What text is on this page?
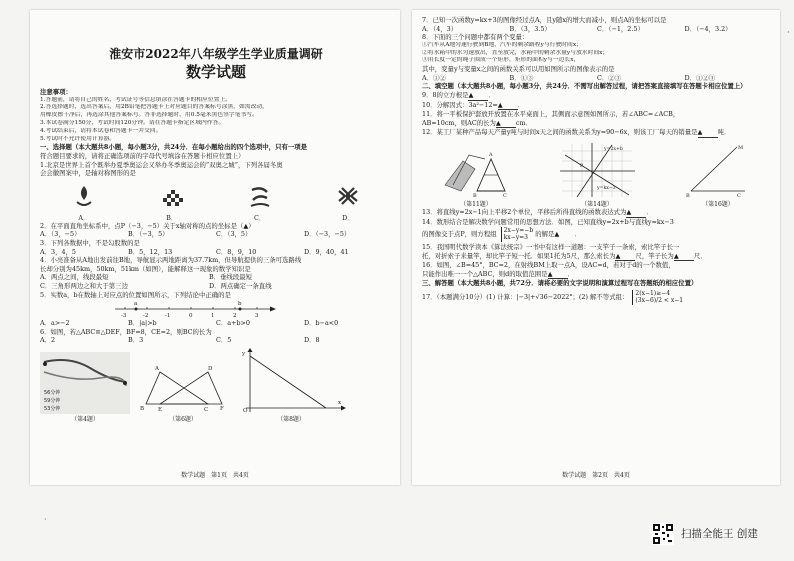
淮安市2022年八年级学生学业质量调研
数学试题
注意事项：
1.答题前，请将自己的姓名、考试证号等信息填涂在答题卡的相应位置上。
2.答选择题时，选出答案后，用2B铅笔把答题卡上对应题目的答案标号涂黑，如需改动，
用橡皮擦干净后，再选涂其他答案标号。答非选择题时，用0.5毫米黑色签字笔书写。
3.本试卷满分150分，考试时间120分钟。请在答题卡指定区域内作答。
4.考试结束后，请将本试卷和答题卡一并交回。
5.考试时不允许使用计算器。
一、选择题（本大题共8小题，每小题3分，共24分．在每小题给出的四个选项中，只有一项是
符合题目要求的，请将正确选项前的字母代号填涂在答题卡相应位置上）
1.北京是世界上首个既举办夏季奥运会又举办冬季奥运会的“双奥之城”，下列各届冬奥
会会徽图案中，是轴对称图形的是
A．	B．	C．	D．
2．在平面直角坐标系中，点P（−3，−5）关于x轴对称的点的坐标是（▲）
A．（3，−5）	B．（−3，5）	C．（3，5）	D．（−3，−5）
3．下列各数据中，不是勾股数的是
A．3，4，5	B．5，12，13	C．8，9，10	D．9，40，41
4．小亮准备从A地出发前往B地，导航显示两地距离为37.7km，但导航提供的三条可选路线
长却分别为45km，50km，51km（如图），能解释这一现象的数学知识是
A．两点之间，线段最短	B．垂线段最短
C．三角形两边之和大于第三边	D．两点确定一条直线
5．实数a，b在数轴上对应点的位置如图所示，下列结论中正确的是
a	b
-3	-2	-1	0	1	2	3
A．a>−2	B．|a|>b	C．a+b>0	D．b−a<0
6．如图，若△ABC≌△DEF，BF=8，CE=2，则BC的长为
A．2	B．3	C．5	D．8
56分钟
59分钟
53分钟
（第4题）
B	E	C F
A	D
（第6题）
y
x
O
（第8题）
数学试题　第1页　共4页
7．已知一次函数y=kx+3的图像经过点A，且y随x的增大而减小，则点A的坐标可以是
A．（4，3）	B．（3，3.5）	C．（−1，2.5）	D．（−4，3.2）
8．下面的三个问题中都有两个变量：
①汽车从A地匀速行驶到B地，汽车的剩余路程y与行驶时间x；
②将水箱中的水匀速放出，直至放完，水箱中的剩余水量y与放水时间x；
③用长度一定的绳子围成一个矩形，矩形的面积y与一边长x，
其中，变量y与变量x之间的函数关系可以用如图所示的图像表示的是
A．①②	B．①③	C．②③	D．①②③
二、填空题（本大题共8小题，每小题3分，共24分．不需写出解答过程，请把答案直接填写在答题卡相应位置上）
9．8的立方根是▲ ．
10．分解因式：3a²−12=▲ ．
11．将一平板保护套放开放置在水平桌面上，其侧面示意图如图所示，若∠ABC=∠ACB，
AB=10cm，则AC的长为▲ cm．
12．某工厂某种产品每天产量y吨与时间x天之间的函数关系为y=90−6x，则该工厂每天的销量是▲ 吨．
A
B	C
（第11题）
y=2x+b
y=kx−3
P
（第14题）
B	C
M
（第16题）
13．将直线y=2x−1向上平移2个单位，平移后所得直线的函数表达式为▲ ．
14．数形结合是解决数学问题常用的思想方法．如图，已知直线y=2x+b与直线y=kx−3
的图像交于点P，则方程组 2x−y=−b
kx−y=3	的解是▲ ．
15．我国明代数学读本《算法统宗》一书中有这样一道题：一支竿子一条索，索比竿子长一
托，对折索子来量竿，却比竿子短一托．如果1托为5尺，那么索长为▲ 尺，竿子长为▲ 尺．
16．如图，∠B=45°，BC=2，在射线BM上取一点A，设AC=d，若对于d的一个数值，
只能作出唯一一个△ABC，则d的取值范围是▲ ．
三、解答题（本大题共8小题，共72分．请将必要的文字说明和演算过程写在答题纸的相应位置）
17．（本题满分10分）(1) 计算：|−3|+√36−2022°；(2) 解不等式组： 2(x−1)≥−4
(3x−6)/2 < x−1
数学试题　第2页　共4页
扫描全能王 创建
·
·
